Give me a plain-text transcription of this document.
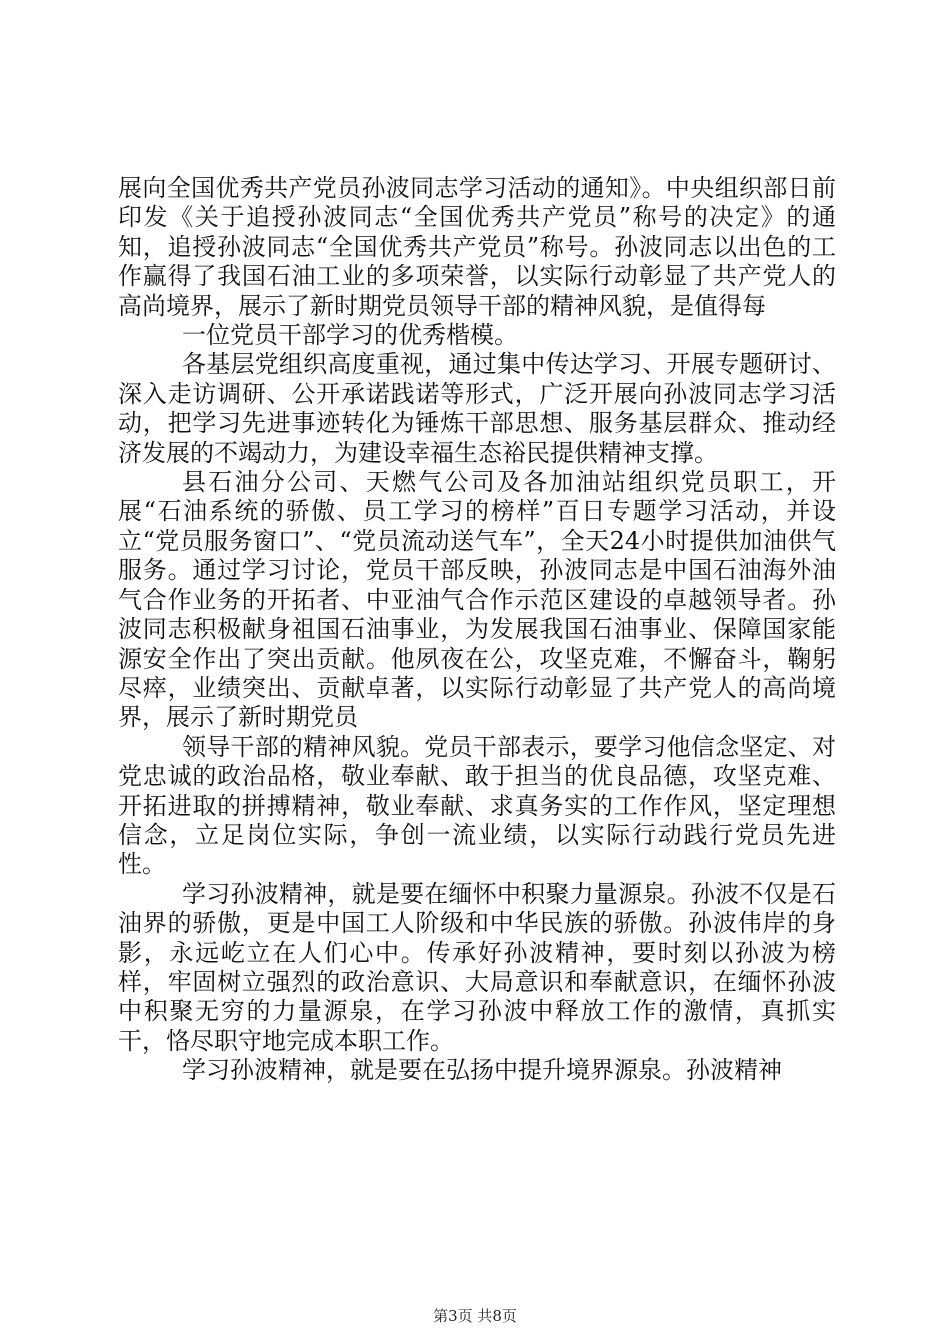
展向全国优秀共产党员孙波同志学习活动的通知》。中央组织部日前印发《关于追授孙波同志“全国优秀共产党员”称号的决定》的通知，追授孙波同志“全国优秀共产党员”称号。孙波同志以出色的工作赢得了我国石油工业的多项荣誉，以实际行动彰显了共产党人的高尚境界，展示了新时期党员领导干部的精神风貌，是值得每

一位党员干部学习的优秀楷模。

各基层党组织高度重视，通过集中传达学习、开展专题研讨、深入走访调研、公开承诺践诺等形式，广泛开展向孙波同志学习活动，把学习先进事迹转化为锤炼干部思想、服务基层群众、推动经济发展的不竭动力，为建设幸福生态裕民提供精神支撑。

县石油分公司、天燃气公司及各加油站组织党员职工，开展“石油系统的骄傲、员工学习的榜样”百日专题学习活动，并设立“党员服务窗口”、“党员流动送气车”，全天24小时提供加油供气服务。通过学习讨论，党员干部反映，孙波同志是中国石油海外油气合作业务的开拓者、中亚油气合作示范区建设的卓越领导者。孙波同志积极献身祖国石油事业，为发展我国石油事业、保障国家能源安全作出了突出贡献。他夙夜在公，攻坚克难，不懈奋斗，鞠躬尽瘁，业绩突出、贡献卓著，以实际行动彰显了共产党人的高尚境界，展示了新时期党员

领导干部的精神风貌。党员干部表示，要学习他信念坚定、对党忠诚的政治品格，敬业奉献、敢于担当的优良品德，攻坚克难、开拓进取的拼搏精神，敬业奉献、求真务实的工作作风，坚定理想信念，立足岗位实际，争创一流业绩，以实际行动践行党员先进性。

学习孙波精神，就是要在缅怀中积聚力量源泉。孙波不仅是石油界的骄傲，更是中国工人阶级和中华民族的骄傲。孙波伟岸的身影，永远屹立在人们心中。传承好孙波精神，要时刻以孙波为榜样，牢固树立强烈的政治意识、大局意识和奉献意识，在缅怀孙波中积聚无穷的力量源泉，在学习孙波中释放工作的激情，真抓实干，恪尽职守地完成本职工作。

学习孙波精神，就是要在弘扬中提升境界源泉。孙波精神

第3页 共8页
